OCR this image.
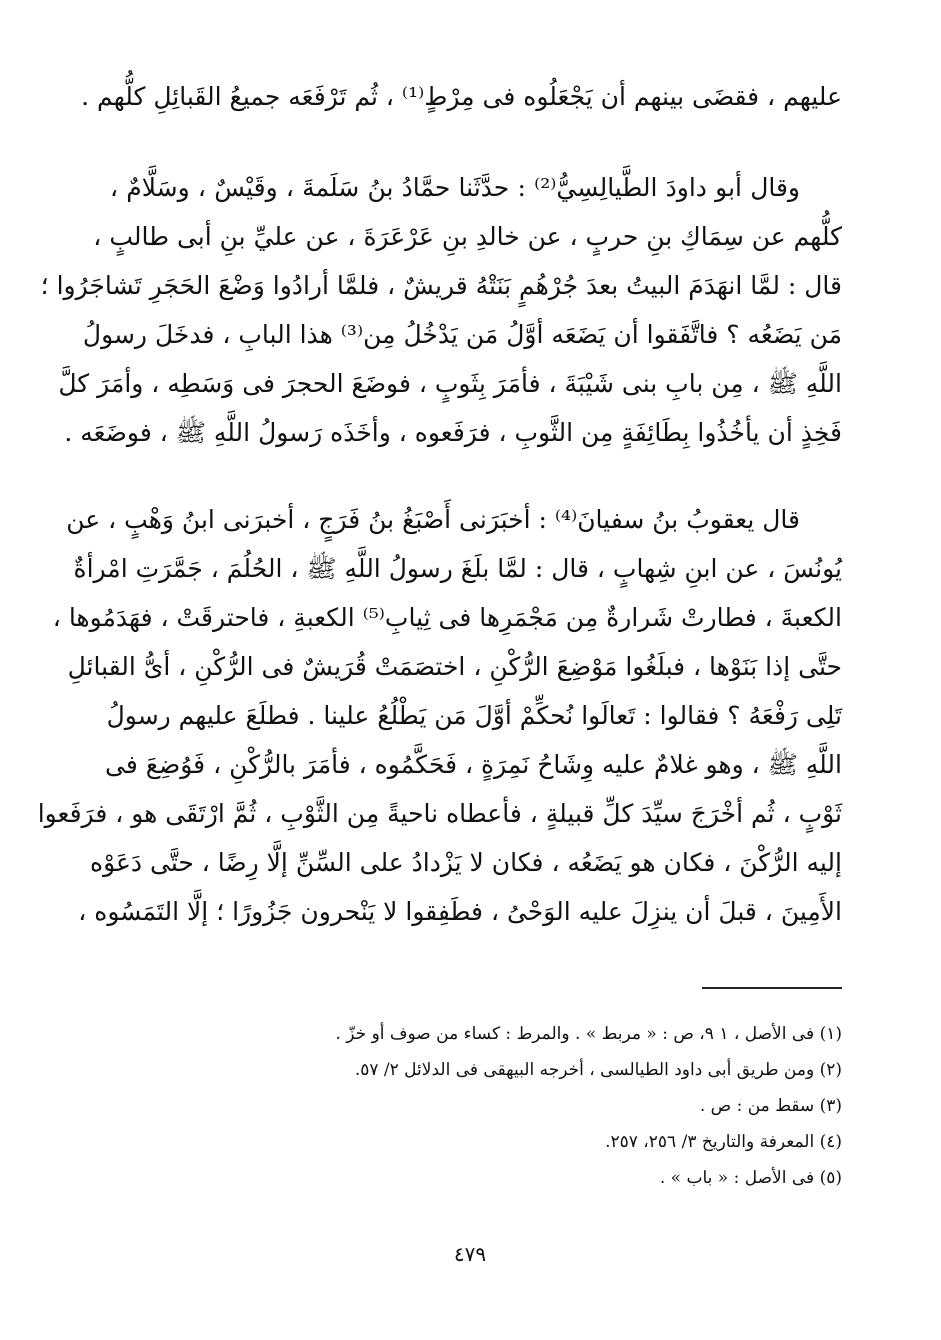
عليهم ، فقضَى بينهم أن يَجْعَلُوه فى مِرْطٍ⁽¹⁾ ، ثُم تَرْفَعَه جميعُ القَبائِلِ كلُّهم .
وقال أبو داودَ الطَّيالِسِيُّ⁽²⁾ : حدَّثَنا حمَّادُ بنُ سَلَمةَ ، وقَيْسٌ ، وسَلَّامٌ ،
كلُّهم عن سِمَاكِ بنِ حربٍ ، عن خالدِ بنِ عَرْعَرَةَ ، عن عليِّ بنِ أبى طالبٍ ،
قال : لمَّا انهَدَمَ البيتُ بعدَ جُرْهُمٍ بَنَتْهُ قريشٌ ، فلمَّا أرادُوا وَضْعَ الحَجَرِ تَشاجَرُوا ؛
مَن يَضَعُه ؟ فاتَّفَقوا أن يَضَعَه أوَّلُ مَن يَدْخُلُ مِن⁽³⁾ هذا البابِ ، فدخَلَ رسولُ
اللَّهِ ﷺ ، مِن بابِ بنى شَيْبَةَ ، فأمَرَ بِثَوبٍ ، فوضَعَ الحجرَ فى وَسَطِه ، وأمَرَ كلَّ
فَخِذٍ أن يأخُذُوا بِطَائِفَةٍ مِن الثَّوبِ ، فرَفَعوه ، وأخَذَه رَسولُ اللَّهِ ﷺ ، فوضَعَه .
قال يعقوبُ بنُ سفيانَ⁽⁴⁾ : أخبَرَنى أَصْبَغُ بنُ فَرَجٍ ، أخبرَنى ابنُ وَهْبٍ ، عن
يُونُسَ ، عن ابنِ شِهابٍ ، قال : لمَّا بلَغَ رسولُ اللَّهِ ﷺ ، الحُلُمَ ، جَمَّرَتِ امْرأةٌ
الكعبةَ ، فطارتْ شَرارةٌ مِن مَجْمَرِها فى ثِيابِ⁽⁵⁾ الكعبةِ ، فاحترقَتْ ، فهَدَمُوها ،
حتَّى إذا بَنَوْها ، فبلَغُوا مَوْضِعَ الرُّكْنِ ، اختصَمَتْ قُرَيشٌ فى الرُّكْنِ ، أىُّ القبائلِ
تَلِى رَفْعَهُ ؟ فقالوا : تَعالَوا نُحكِّمْ أوَّلَ مَن يَطْلُعُ علينا . فطلَعَ عليهم رسولُ
اللَّهِ ﷺ ، وهو غلامٌ عليه وِشَاحُ نَمِرَةٍ ، فَحَكَّمُوه ، فأمَرَ بالرُّكْنِ ، فَوُضِعَ فى
ثَوْبٍ ، ثُم أخْرَجَ سيِّدَ كلِّ قبيلةٍ ، فأعطاه ناحيةً مِن الثَّوْبِ ، ثُمَّ ارْتَقَى هو ، فرَفَعوا
إليه الرُّكْنَ ، فكان هو يَضَعُه ، فكان لا يَزْدادُ على السِّنِّ إلَّا رِضًا ، حتَّى دَعَوْه
الأَمِينَ ، قبلَ أن ينزِلَ عليه الوَحْىُ ، فطَفِقوا لا يَنْحرون جَزُورًا ؛ إلَّا التَمَسُوه ،
(١) فى الأصل ، ١ ٩، ص : « مربط » . والمرط : كساء من صوف أو خزّ .
(٢) ومن طريق أبى داود الطيالسى ، أخرجه البيهقى فى الدلائل ٢/ ٥٧.
(٣) سقط من : ص .
(٤) المعرفة والتاريخ ٣/ ٢٥٦، ٢٥٧.
(٥) فى الأصل : « باب » .
٤٧٩
